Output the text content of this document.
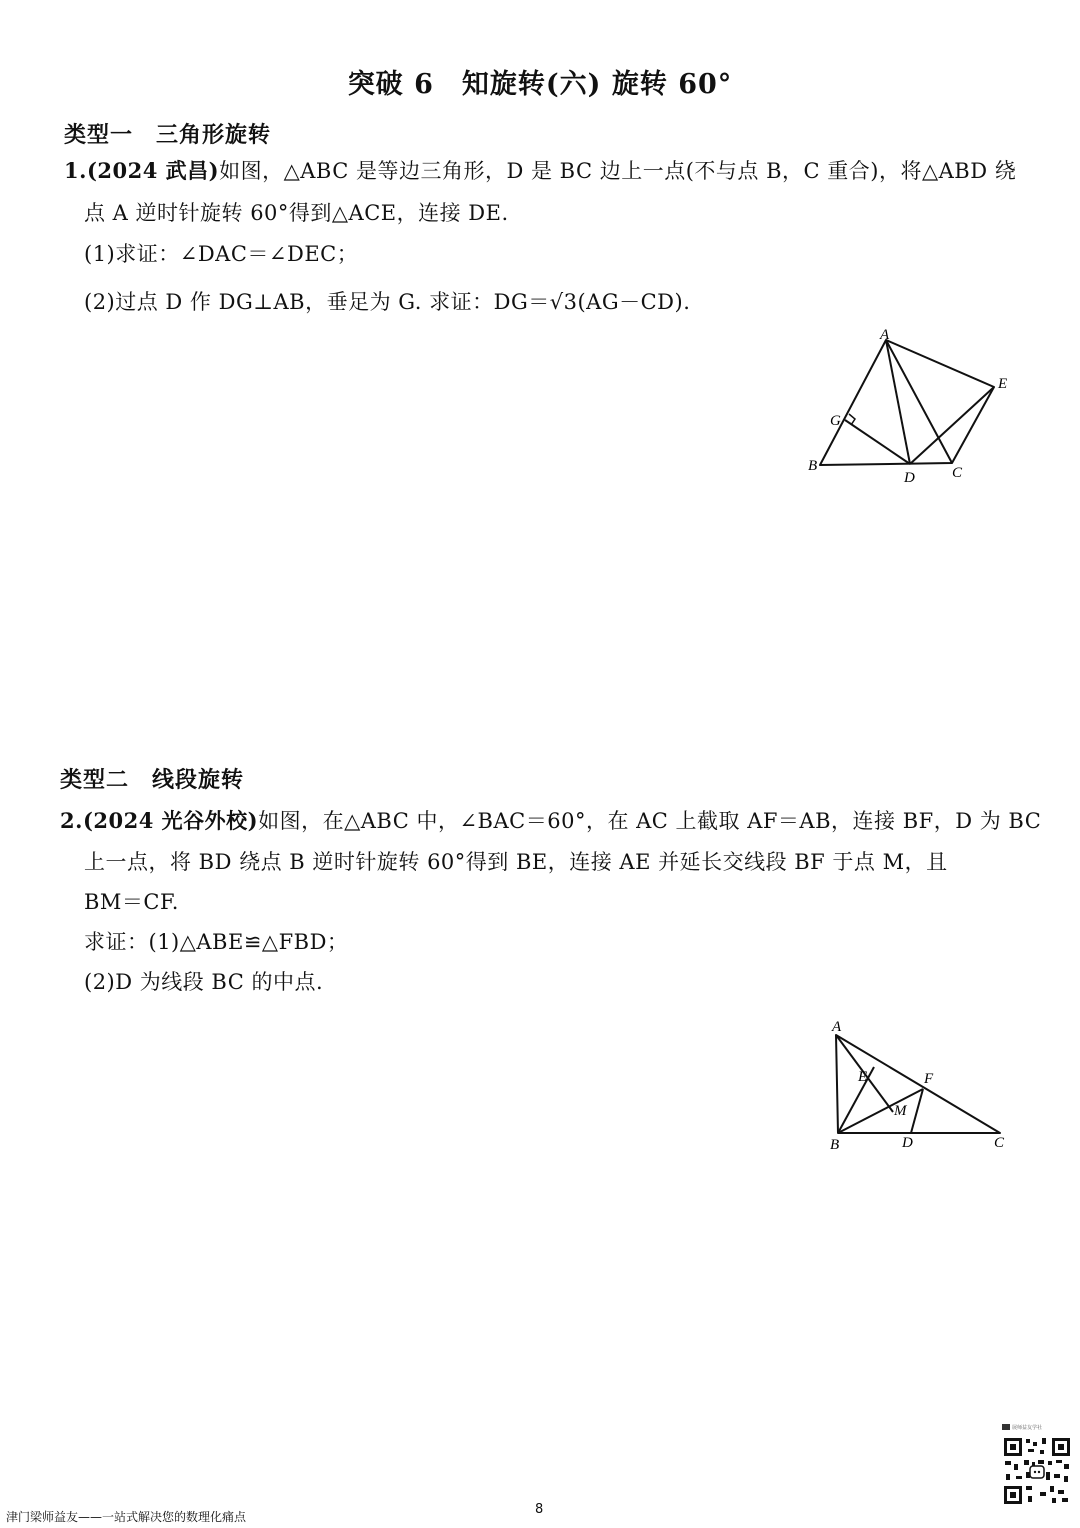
突破 6　知旋转(六) 旋转 60°
类型一　三角形旋转
1.(2024 武昌)如图，△ABC 是等边三角形，D 是 BC 边上一点(不与点 B，C 重合)，将△ABD 绕
点 A 逆时针旋转 60°得到△ACE，连接 DE.
(1)求证：∠DAC＝∠DEC；
(2)过点 D 作 DG⊥AB，垂足为 G. 求证：DG＝√3(AG－CD).
A
B	C
D
E
G
类型二　线段旋转
2.(2024 光谷外校)如图，在△ABC 中，∠BAC＝60°，在 AC 上截取 AF＝AB，连接 BF，D 为 BC
上一点，将 BD 绕点 B 逆时针旋转 60°得到 BE，连接 AE 并延长交线段 BF 于点 M，且
BM＝CF.
求证：(1)△ABE≌△FBD；
(2)D 为线段 BC 的中点.
A
B	C
D
E	F
M
津门梁师益友——一站式解决您的数理化痛点	8
展师益友学社
